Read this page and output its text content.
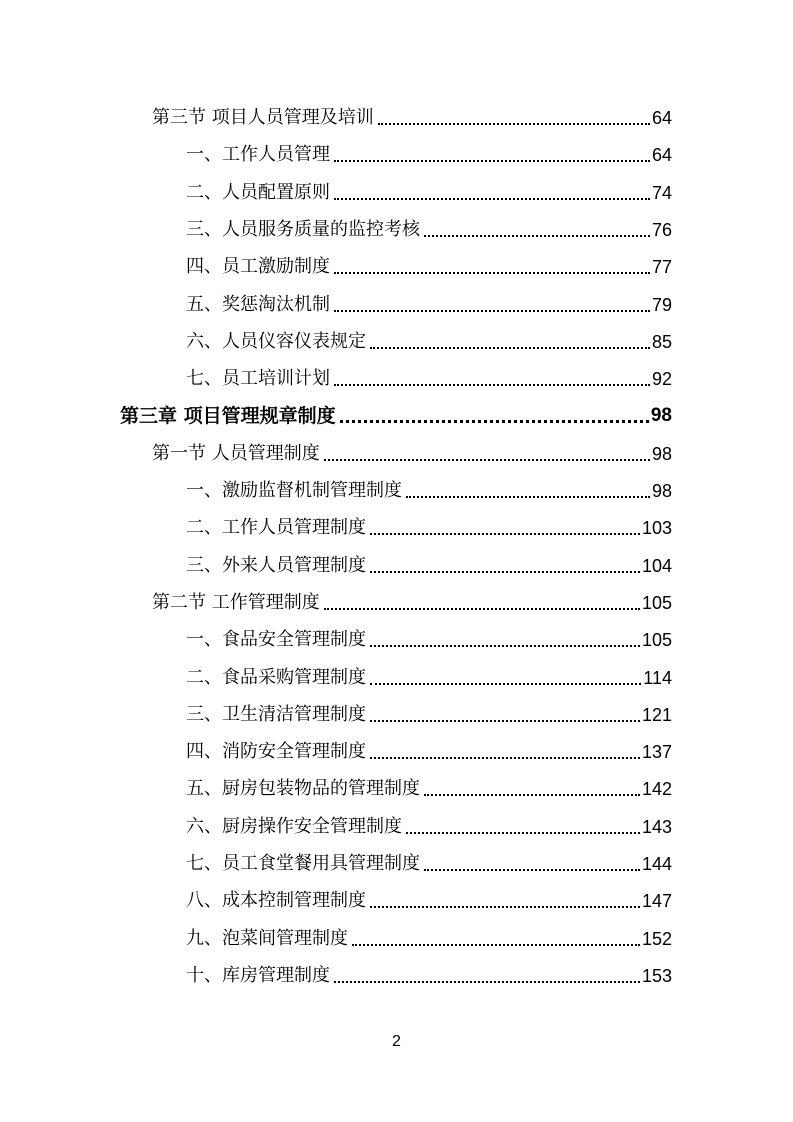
第三节 项目人员管理及培训	64
一、工作人员管理	64
二、人员配置原则	74
三、人员服务质量的监控考核	76
四、员工激励制度	77
五、奖惩淘汰机制	79
六、人员仪容仪表规定	85
七、员工培训计划	92
第三章 项目管理规章制度	98
第一节 人员管理制度	98
一、激励监督机制管理制度	98
二、工作人员管理制度	103
三、外来人员管理制度	104
第二节 工作管理制度	105
一、食品安全管理制度	105
二、食品采购管理制度	114
三、卫生清洁管理制度	121
四、消防安全管理制度	137
五、厨房包装物品的管理制度	142
六、厨房操作安全管理制度	143
七、员工食堂餐用具管理制度	144
八、成本控制管理制度	147
九、泡菜间管理制度	152
十、库房管理制度	153
2
